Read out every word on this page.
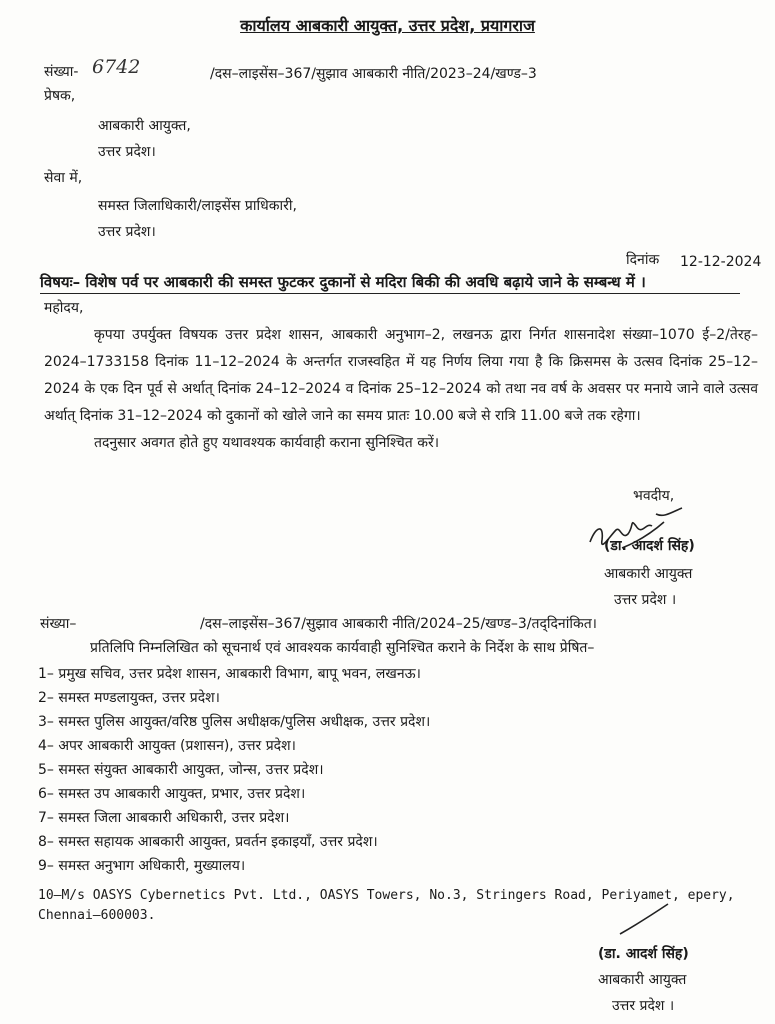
कार्यालय आबकारी आयुक्त, उत्तर प्रदेश, प्रयागराज
संख्या- 6742	/दस–लाइसेंस–367/सुझाव आबकारी नीति/2023–24/खण्ड–3
प्रेषक,
आबकारी आयुक्त,
उत्तर प्रदेश।
सेवा में,
समस्त जिलाधिकारी/लाइसेंस प्राधिकारी,
उत्तर प्रदेश।
दिनांक 12-12-2024
विषयः– विशेष पर्व पर आबकारी की समस्त फुटकर दुकानों से मदिरा बिकी की अवधि बढ़ाये जाने के सम्बन्ध में ।
महोदय,

कृपया उपर्युक्त विषयक उत्तर प्रदेश शासन, आबकारी अनुभाग–2, लखनऊ द्वारा निर्गत शासनादेश संख्या–1070 ई–2/तेरह–2024–1733158 दिनांक 11–12–2024 के अन्तर्गत राजस्वहित में यह निर्णय लिया गया है कि क्रिसमस के उत्सव दिनांक 25–12–2024 के एक दिन पूर्व से अर्थात् दिनांक 24–12–2024 व दिनांक 25–12–2024 को तथा नव वर्ष के अवसर पर मनाये जाने वाले उत्सव अर्थात् दिनांक 31–12–2024 को दुकानों को खोले जाने का समय प्रातः 10.00 बजे से रात्रि 11.00 बजे तक रहेगा।

तदनुसार अवगत होते हुए यथावश्यक कार्यवाही कराना सुनिश्चित करें।

भवदीय,
(डा. आदर्श सिंह)
आबकारी आयुक्त
उत्तर प्रदेश ।
संख्या–	/दस–लाइसेंस–367/सुझाव आबकारी नीति/2024–25/खण्ड–3/तद्‌दिनांकित।
प्रतिलिपि निम्नलिखित को सूचनार्थ एवं आवश्यक कार्यवाही सुनिश्चित कराने के निर्देश के साथ प्रेषित–
1– प्रमुख सचिव, उत्तर प्रदेश शासन, आबकारी विभाग, बापू भवन, लखनऊ।
2– समस्त मण्डलायुक्त, उत्तर प्रदेश।
3– समस्त पुलिस आयुक्त/वरिष्ठ पुलिस अधीक्षक/पुलिस अधीक्षक, उत्तर प्रदेश।
4– अपर आबकारी आयुक्त (प्रशासन), उत्तर प्रदेश।
5– समस्त संयुक्त आबकारी आयुक्त, जोन्स, उत्तर प्रदेश।
6– समस्त उप आबकारी आयुक्त, प्रभार, उत्तर प्रदेश।
7– समस्त जिला आबकारी अधिकारी, उत्तर प्रदेश।
8– समस्त सहायक आबकारी आयुक्त, प्रवर्तन इकाइयाँ, उत्तर प्रदेश।
9– समस्त अनुभाग अधिकारी, मुख्यालय।
10–M/s OASYS Cybernetics Pvt. Ltd., OASYS Towers, No.3, Stringers Road, Periyamet, epery, Chennai–600003.
(डा. आदर्श सिंह)
आबकारी आयुक्त
उत्तर प्रदेश ।
